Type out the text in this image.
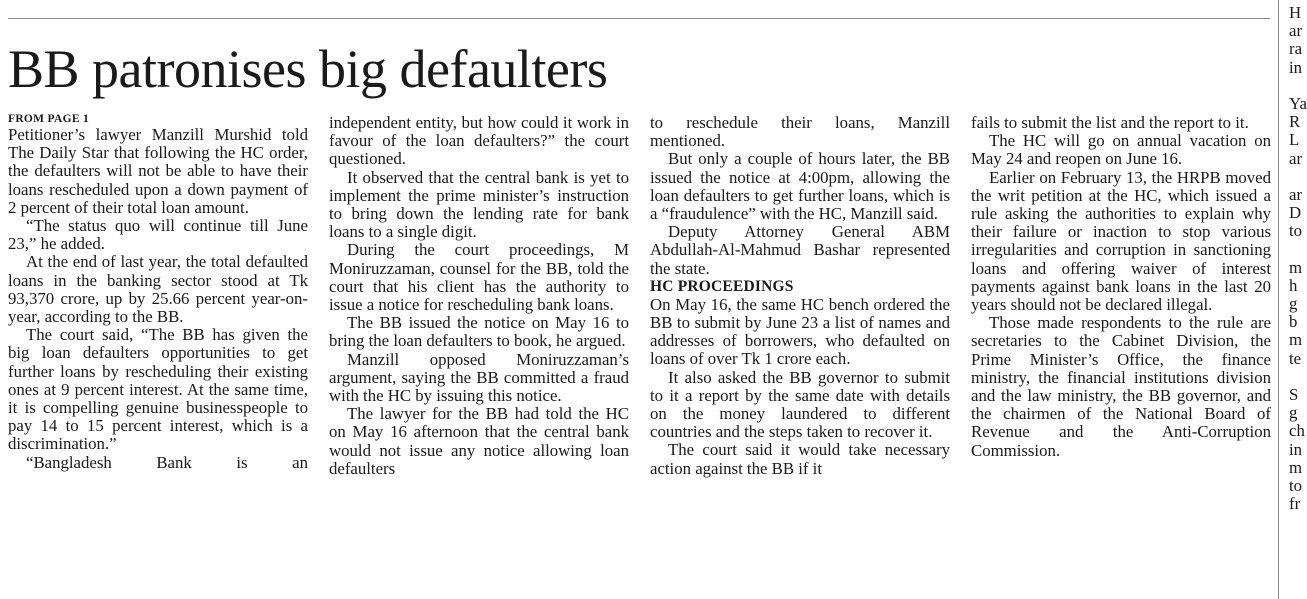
BB patronises big defaulters

FROM PAGE 1

Petitioner’s lawyer Manzill Murshid told The Daily Star that following the HC order, the defaulters will not be able to have their loans rescheduled upon a down payment of 2 percent of their total loan amount.

“The status quo will continue till June 23,” he added.

At the end of last year, the total defaulted loans in the banking sector stood at Tk 93,370 crore, up by 25.66 percent year-on-year, according to the BB.

The court said, “The BB has given the big loan defaulters opportunities to get further loans by rescheduling their existing ones at 9 percent interest. At the same time, it is compelling genuine businesspeople to pay 14 to 15 percent interest, which is a discrimination.”

“Bangladesh Bank is an

independent entity, but how could it work in favour of the loan defaulters?” the court questioned.

It observed that the central bank is yet to implement the prime minister’s instruction to bring down the lending rate for bank loans to a single digit.

During the court proceedings, M Moniruzzaman, counsel for the BB, told the court that his client has the authority to issue a notice for rescheduling bank loans.

The BB issued the notice on May 16 to bring the loan defaulters to book, he argued.

Manzill opposed Moniruzzaman’s argument, saying the BB committed a fraud with the HC by issuing this notice.

The lawyer for the BB had told the HC on May 16 afternoon that the central bank would not issue any notice allowing loan defaulters

to reschedule their loans, Manzill mentioned.

But only a couple of hours later, the BB issued the notice at 4:00pm, allowing the loan defaulters to get further loans, which is a “fraudulence” with the HC, Manzill said.

Deputy Attorney General ABM Abdullah-Al-Mahmud Bashar represented the state.

HC PROCEEDINGS

On May 16, the same HC bench ordered the BB to submit by June 23 a list of names and addresses of borrowers, who defaulted on loans of over Tk 1 crore each.

It also asked the BB governor to submit to it a report by the same date with details on the money laundered to different countries and the steps taken to recover it.

The court said it would take necessary action against the BB if it

fails to submit the list and the report to it.

The HC will go on annual vacation on May 24 and reopen on June 16.

Earlier on February 13, the HRPB moved the writ petition at the HC, which issued a rule asking the authorities to explain why their failure or inaction to stop various irregularities and corruption in sanctioning loans and offering waiver of interest payments against bank loans in the last 20 years should not be declared illegal.

Those made respondents to the rule are secretaries to the Cabinet Division, the Prime Minister’s Office, the finance ministry, the financial institutions division and the law ministry, the BB governor, and the chairmen of the National Board of Revenue and the Anti-Corruption Commission.

H
ar
ra
in
Ya
R
L
ar
ar
D
to
m
h
g
b
m
te
S
g
ch
in
m
to
fr
